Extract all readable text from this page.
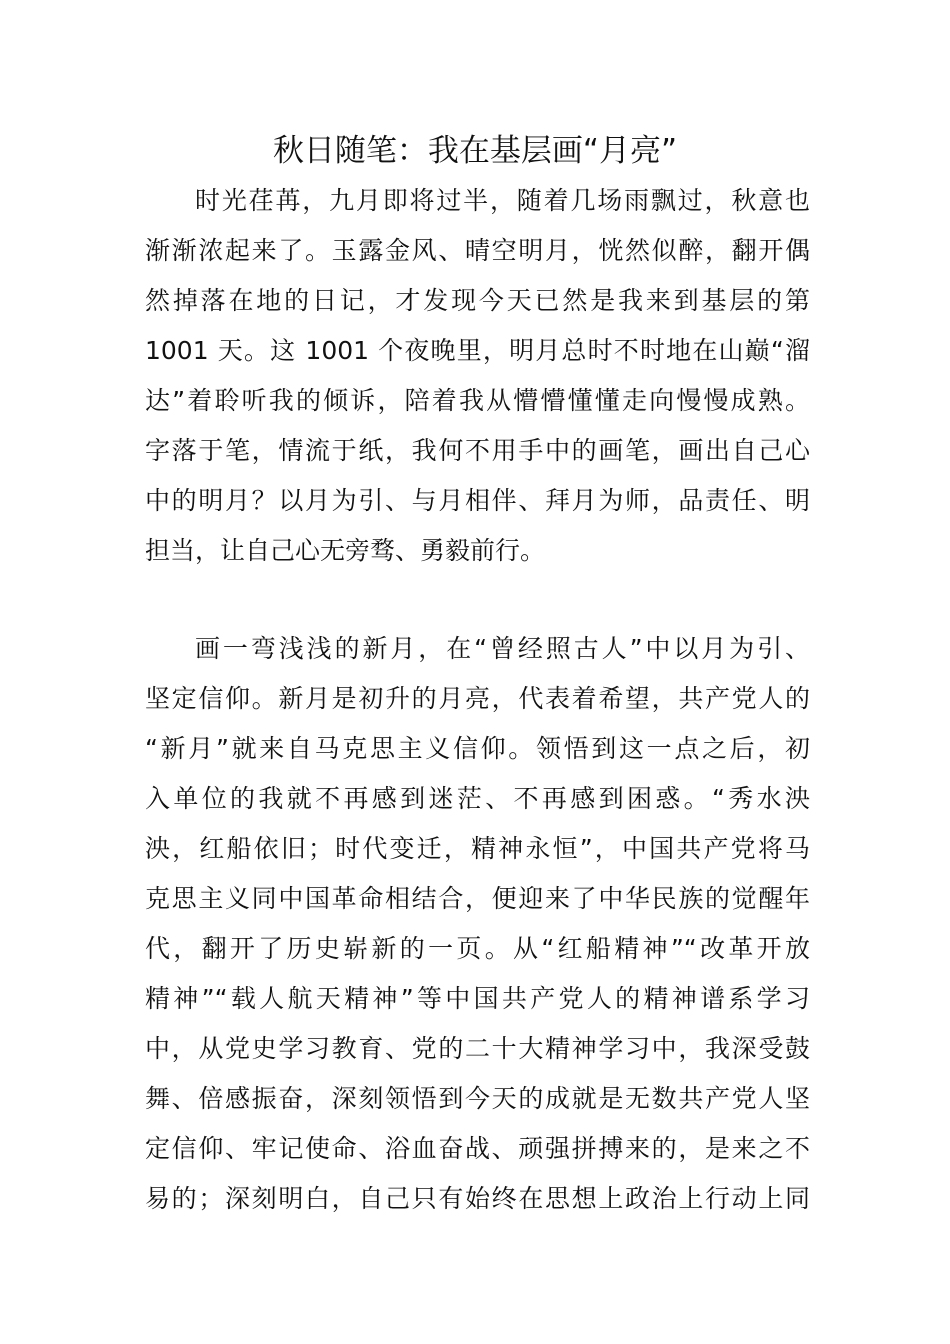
秋日随笔：我在基层画“月亮”
时光荏苒，九月即将过半，随着几场雨飘过，秋意也
渐渐浓起来了。玉露金风、晴空明月，恍然似醉，翻开偶
然掉落在地的日记，才发现今天已然是我来到基层的第
1001 天。这 1001 个夜晚里，明月总时不时地在山巅“溜
达”着聆听我的倾诉，陪着我从懵懵懂懂走向慢慢成熟。
字落于笔，情流于纸，我何不用手中的画笔，画出自己心
中的明月？以月为引、与月相伴、拜月为师，品责任、明
担当，让自己心无旁骛、勇毅前行。
画一弯浅浅的新月，在“曾经照古人”中以月为引、
坚定信仰。新月是初升的月亮，代表着希望，共产党人的
“新月”就来自马克思主义信仰。领悟到这一点之后，初
入单位的我就不再感到迷茫、不再感到困惑。“秀水泱
泱，红船依旧；时代变迁，精神永恒”，中国共产党将马
克思主义同中国革命相结合，便迎来了中华民族的觉醒年
代，翻开了历史崭新的一页。从“红船精神”“改革开放
精神”“载人航天精神”等中国共产党人的精神谱系学习
中，从党史学习教育、党的二十大精神学习中，我深受鼓
舞、倍感振奋，深刻领悟到今天的成就是无数共产党人坚
定信仰、牢记使命、浴血奋战、顽强拼搏来的，是来之不
易的；深刻明白，自己只有始终在思想上政治上行动上同
